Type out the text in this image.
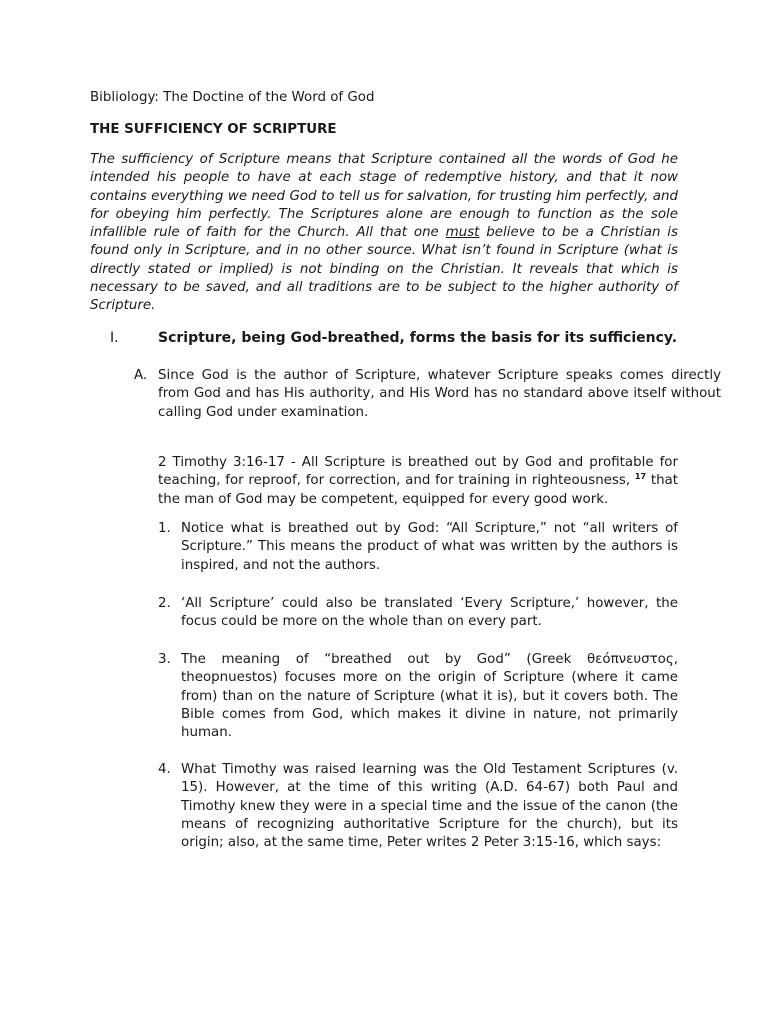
Bibliology: The Doctine of the Word of God
THE SUFFICIENCY OF SCRIPTURE
The sufficiency of Scripture means that Scripture contained all the words of God he intended his people to have at each stage of redemptive history, and that it now contains everything we need God to tell us for salvation, for trusting him perfectly, and for obeying him perfectly. The Scriptures alone are enough to function as the sole infallible rule of faith for the Church. All that one must believe to be a Christian is found only in Scripture, and in no other source. What isn’t found in Scripture (what is directly stated or implied) is not binding on the Christian. It reveals that which is necessary to be saved, and all traditions are to be subject to the higher authority of Scripture.
I.	Scripture, being God-breathed, forms the basis for its sufficiency.
A. Since God is the author of Scripture, whatever Scripture speaks comes directly from God and has His authority, and His Word has no standard above itself without calling God under examination.
2 Timothy 3:16-17 - All Scripture is breathed out by God and profitable for teaching, for reproof, for correction, and for training in righteousness, $^{17}$ that the man of God may be competent, equipped for every good work.
1. Notice what is breathed out by God: “All Scripture,” not “all writers of Scripture.” This means the product of what was written by the authors is inspired, and not the authors.
2. ‘All Scripture’ could also be translated ‘Every Scripture,’ however, the focus could be more on the whole than on every part.
3. The meaning of “breathed out by God” (Greek θεόπνευστος, theopnuestos) focuses more on the origin of Scripture (where it came from) than on the nature of Scripture (what it is), but it covers both. The Bible comes from God, which makes it divine in nature, not primarily human.
4. What Timothy was raised learning was the Old Testament Scriptures (v. 15). However, at the time of this writing (A.D. 64-67) both Paul and Timothy knew they were in a special time and the issue of the canon (the means of recognizing authoritative Scripture for the church), but its origin; also, at the same time, Peter writes 2 Peter 3:15-16, which says:
